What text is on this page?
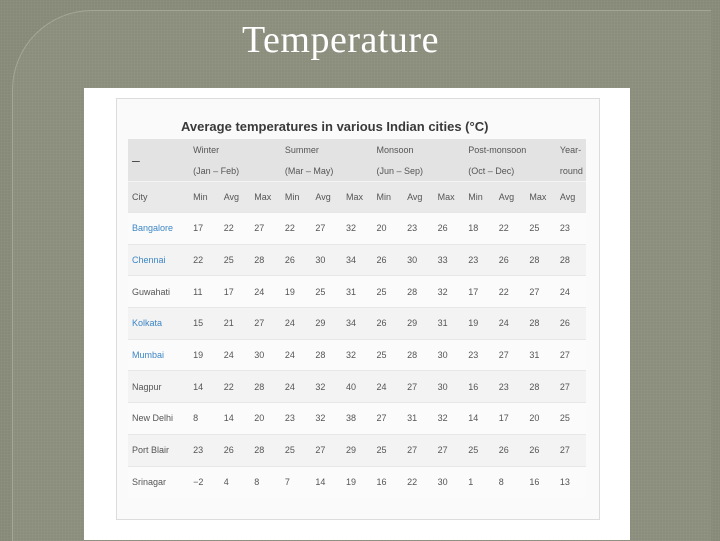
Temperature
Average temperatures in various Indian cities (°C)
–	Winter			Summer			Monsoon			Post-monsoon			Year-
	(Jan – Feb)			(Mar – May)			(Jun – Sep)			(Oct – Dec)			round
City	Min	Avg	Max	Min	Avg	Max	Min	Avg	Max	Min	Avg	Max	Avg
Bangalore	17	22	27	22	27	32	20	23	26	18	22	25	23
Chennai	22	25	28	26	30	34	26	30	33	23	26	28	28
Guwahati	11	17	24	19	25	31	25	28	32	17	22	27	24
Kolkata	15	21	27	24	29	34	26	29	31	19	24	28	26
Mumbai	19	24	30	24	28	32	25	28	30	23	27	31	27
Nagpur	14	22	28	24	32	40	24	27	30	16	23	28	27
New Delhi	8	14	20	23	32	38	27	31	32	14	17	20	25
Port Blair	23	26	28	25	27	29	25	27	27	25	26	26	27
Srinagar	−2	4	8	7	14	19	16	22	30	1	8	16	13
